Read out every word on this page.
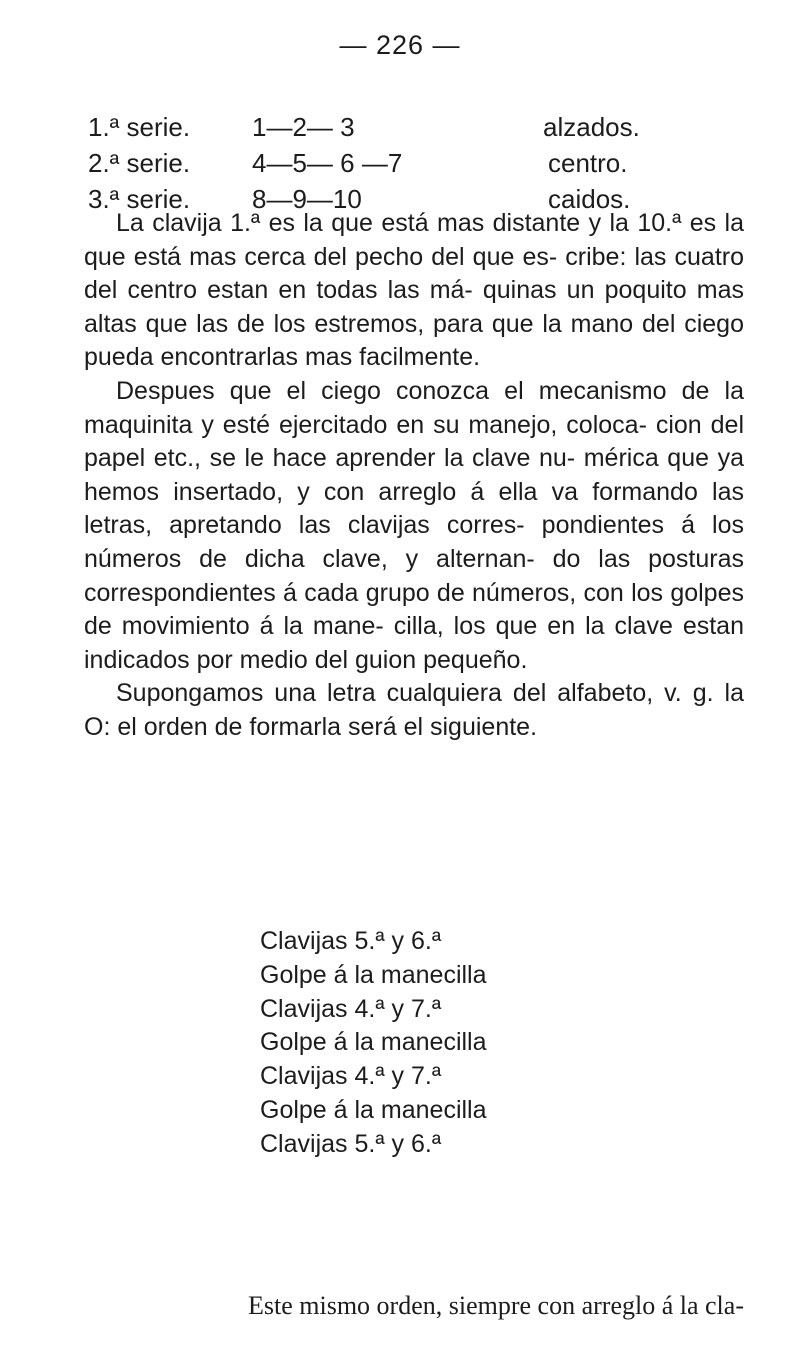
— 226 —
1.ª serie. 1—2— 3	alzados.
2.ª serie. 4—5— 6 —7	centro.
3.ª serie. 8—9—10	caidos.

La clavija 1.ª es la que está mas distante y la 10.ª es la que está mas cerca del pecho del que es- cribe: las cuatro del centro estan en todas las má- quinas un poquito mas altas que las de los estremos, para que la mano del ciego pueda encontrarlas mas facilmente.

Despues que el ciego conozca el mecanismo de la maquinita y esté ejercitado en su manejo, coloca- cion del papel etc., se le hace aprender la clave nu- mérica que ya hemos insertado, y con arreglo á ella va formando las letras, apretando las clavijas corres- pondientes á los números de dicha clave, y alternan- do las posturas correspondientes á cada grupo de números, con los golpes de movimiento á la mane- cilla, los que en la clave estan indicados por medio del guion pequeño.

Supongamos una letra cualquiera del alfabeto, v. g. la O: el orden de formarla será el siguiente.

Clavijas 5.ª y 6.ª
Golpe á la manecilla
Clavijas 4.ª y 7.ª
Golpe á la manecilla
Clavijas 4.ª y 7.ª
Golpe á la manecilla
Clavijas 5.ª y 6.ª
Este mismo orden, siempre con arreglo á la cla-
